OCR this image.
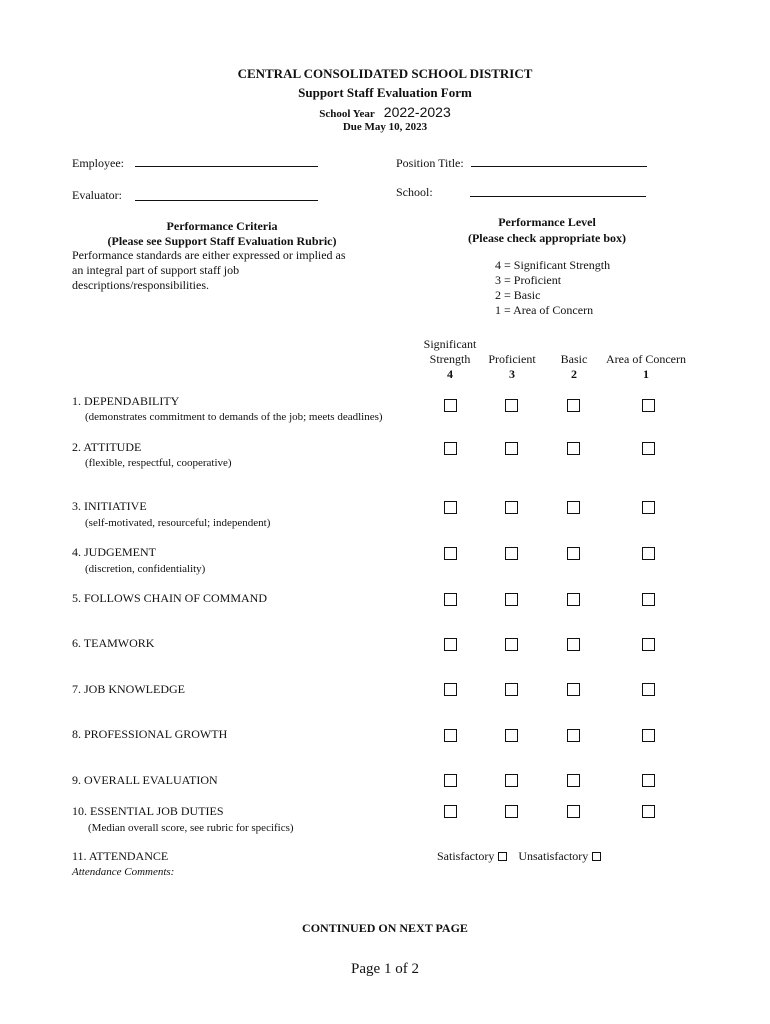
CENTRAL CONSOLIDATED SCHOOL DISTRICT
Support Staff Evaluation Form
School Year 2022-2023
Due May 10, 2023
Employee:	Position Title:
Evaluator:	School:
Performance Criteria
(Please see Support Staff Evaluation Rubric)
Performance standards are either expressed or implied as
an integral part of support staff job
descriptions/responsibilities.
Performance Level
(Please check appropriate box)
4 = Significant Strength
3 = Proficient
2 = Basic
1 = Area of Concern
Significant
Strength
4

Proficient
3

Basic
2

Area of Concern
1
1. DEPENDABILITY
(demonstrates commitment to demands of the job; meets deadlines)
2. ATTITUDE
(flexible, respectful, cooperative)
3. INITIATIVE
(self-motivated, resourceful; independent)
4. JUDGEMENT
(discretion, confidentiality)
5. FOLLOWS CHAIN OF COMMAND
6. TEAMWORK
7. JOB KNOWLEDGE
8. PROFESSIONAL GROWTH
9. OVERALL EVALUATION
10. ESSENTIAL JOB DUTIES
(Median overall score, see rubric for specifics)
11. ATTENDANCE
Attendance Comments:
Satisfactory Unsatisfactory
CONTINUED ON NEXT PAGE
Page 1 of 2
